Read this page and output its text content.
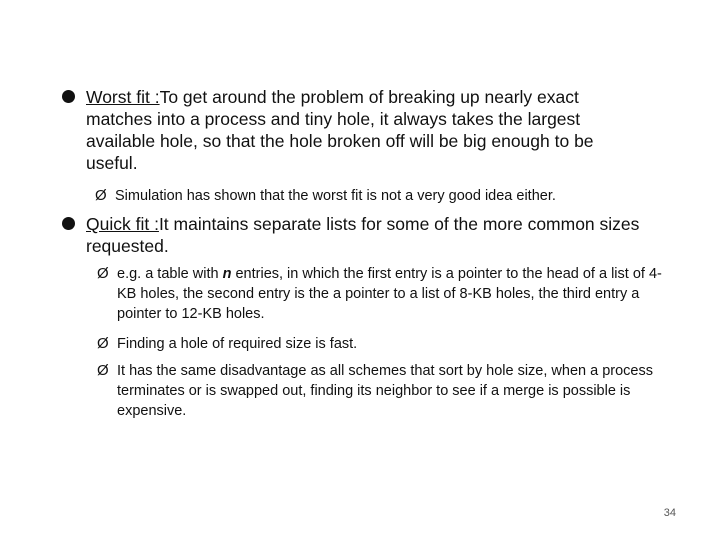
Worst fit :To get around the problem of breaking up nearly exact matches into a process and tiny hole, it always takes the largest available hole, so that the hole broken off will be big enough to be useful.
Ø Simulation has shown that the worst fit is not a very good idea either.
Quick fit :It maintains separate lists for some of the more common sizes requested.
Ø e.g. a table with n entries, in which the first entry is a pointer to the head of a list of 4-KB holes, the second entry is the a pointer to a list of 8-KB holes, the third entry a pointer to 12-KB holes.
Ø Finding a hole of required size is fast.
Ø It has the same disadvantage as all schemes that sort by hole size, when a process terminates or is swapped out, finding its neighbor to see if a merge is possible is expensive.
34
